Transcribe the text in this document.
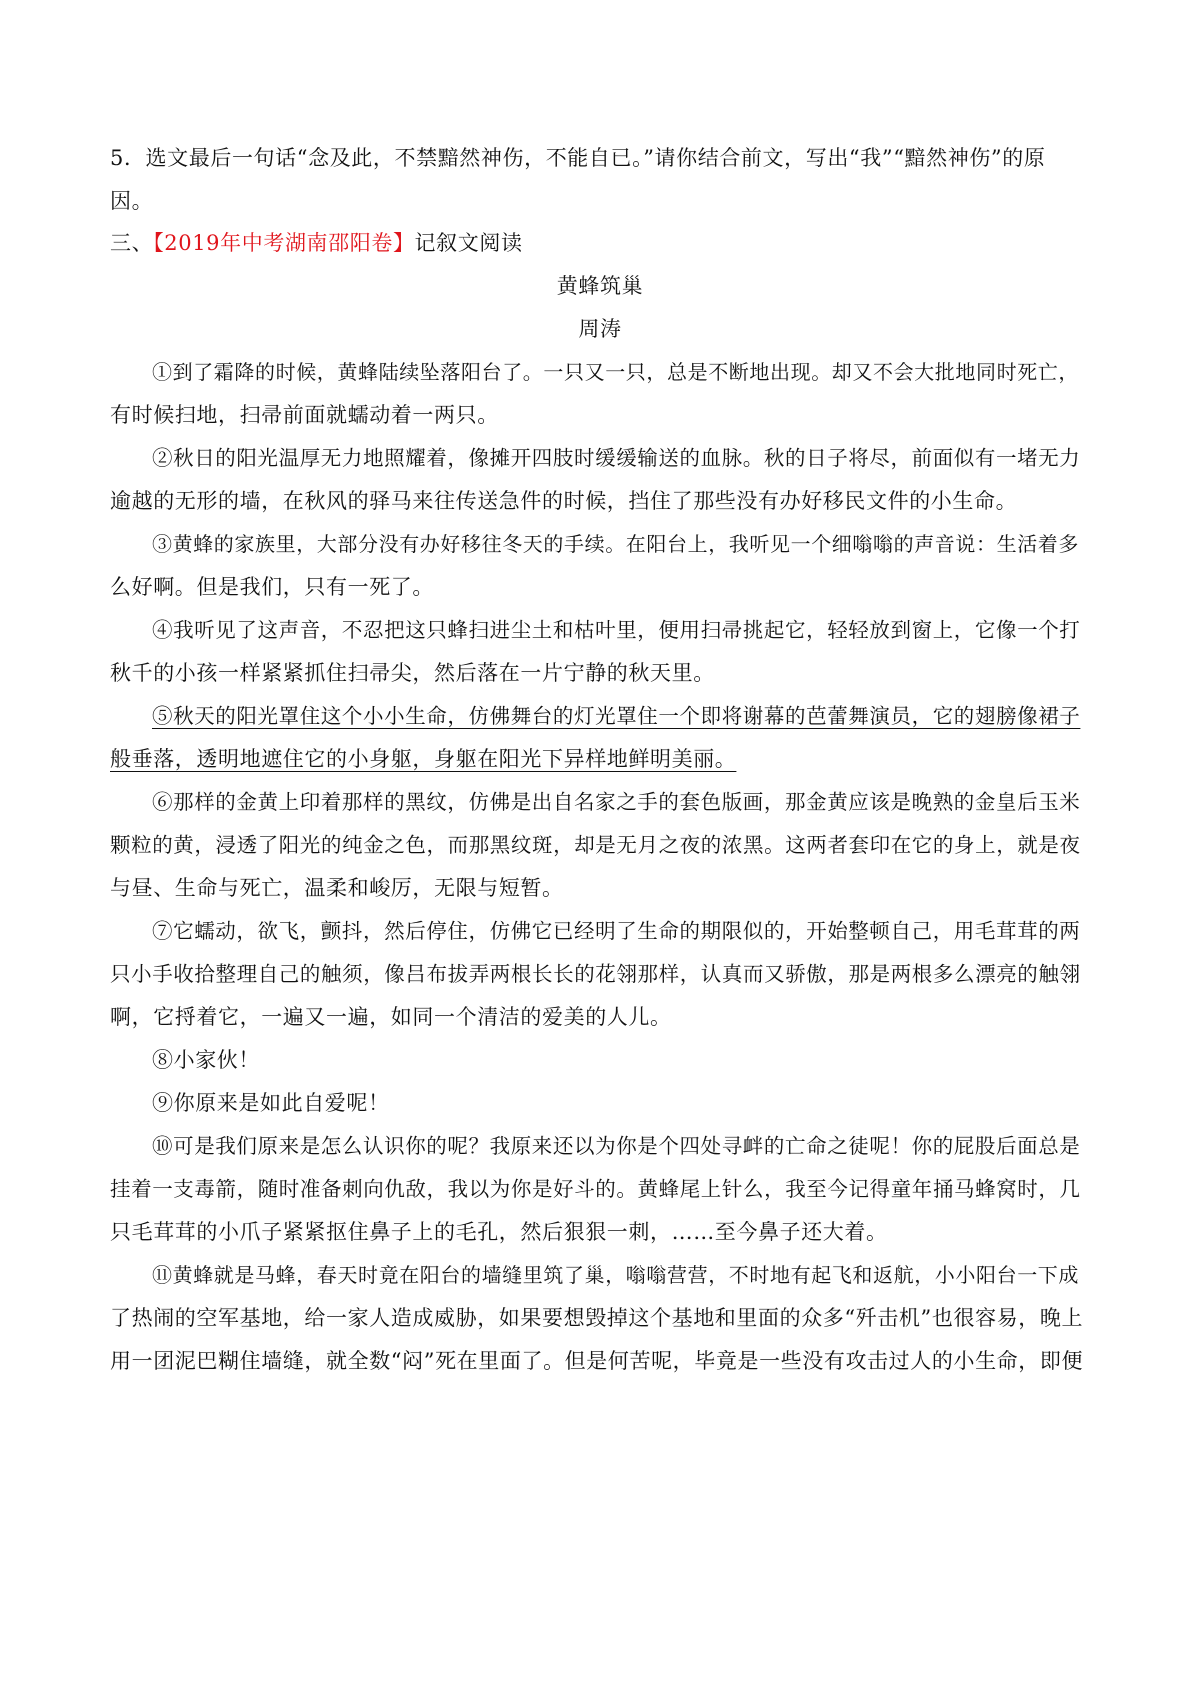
5．选文最后一句话“念及此，不禁黯然神伤，不能自已。”请你结合前文，写出“我”“黯然神伤”的原

因。

三、【2019年中考湖南邵阳卷】记叙文阅读

黄蜂筑巢

周涛

①到了霜降的时候，黄蜂陆续坠落阳台了。一只又一只，总是不断地出现。却又不会大批地同时死亡，

有时候扫地，扫帚前面就蠕动着一两只。

②秋日的阳光温厚无力地照耀着，像摊开四肢时缓缓输送的血脉。秋的日子将尽，前面似有一堵无力

逾越的无形的墙，在秋风的驿马来往传送急件的时候，挡住了那些没有办好移民文件的小生命。

③黄蜂的家族里，大部分没有办好移往冬天的手续。在阳台上，我听见一个细嗡嗡的声音说：生活着多

么好啊。但是我们，只有一死了。

④我听见了这声音，不忍把这只蜂扫进尘土和枯叶里，便用扫帚挑起它，轻轻放到窗上，它像一个打

秋千的小孩一样紧紧抓住扫帚尖，然后落在一片宁静的秋天里。

⑤秋天的阳光罩住这个小小生命，仿佛舞台的灯光罩住一个即将谢幕的芭蕾舞演员，它的翅膀像裙子

般垂落，透明地遮住它的小身躯，身躯在阳光下异样地鲜明美丽。

⑥那样的金黄上印着那样的黑纹，仿佛是出自名家之手的套色版画，那金黄应该是晚熟的金皇后玉米

颗粒的黄，浸透了阳光的纯金之色，而那黑纹斑，却是无月之夜的浓黑。这两者套印在它的身上，就是夜

与昼、生命与死亡，温柔和峻厉，无限与短暂。

⑦它蠕动，欲飞，颤抖，然后停住，仿佛它已经明了生命的期限似的，开始整顿自己，用毛茸茸的两

只小手收拾整理自己的触须，像吕布拔弄两根长长的花翎那样，认真而又骄傲，那是两根多么漂亮的触翎

啊，它捋着它，一遍又一遍，如同一个清洁的爱美的人儿。

⑧小家伙！

⑨你原来是如此自爱呢！

⑩可是我们原来是怎么认识你的呢？我原来还以为你是个四处寻衅的亡命之徒呢！你的屁股后面总是

挂着一支毒箭，随时准备刺向仇敌，我以为你是好斗的。黄蜂尾上针么，我至今记得童年捅马蜂窝时，几

只毛茸茸的小爪子紧紧抠住鼻子上的毛孔，然后狠狠一刺，……至今鼻子还大着。

⑪黄蜂就是马蜂，春天时竟在阳台的墙缝里筑了巢，嗡嗡营营，不时地有起飞和返航，小小阳台一下成

了热闹的空军基地，给一家人造成威胁，如果要想毁掉这个基地和里面的众多“歼击机”也很容易，晚上

用一团泥巴糊住墙缝，就全数“闷”死在里面了。但是何苦呢，毕竟是一些没有攻击过人的小生命，即便
